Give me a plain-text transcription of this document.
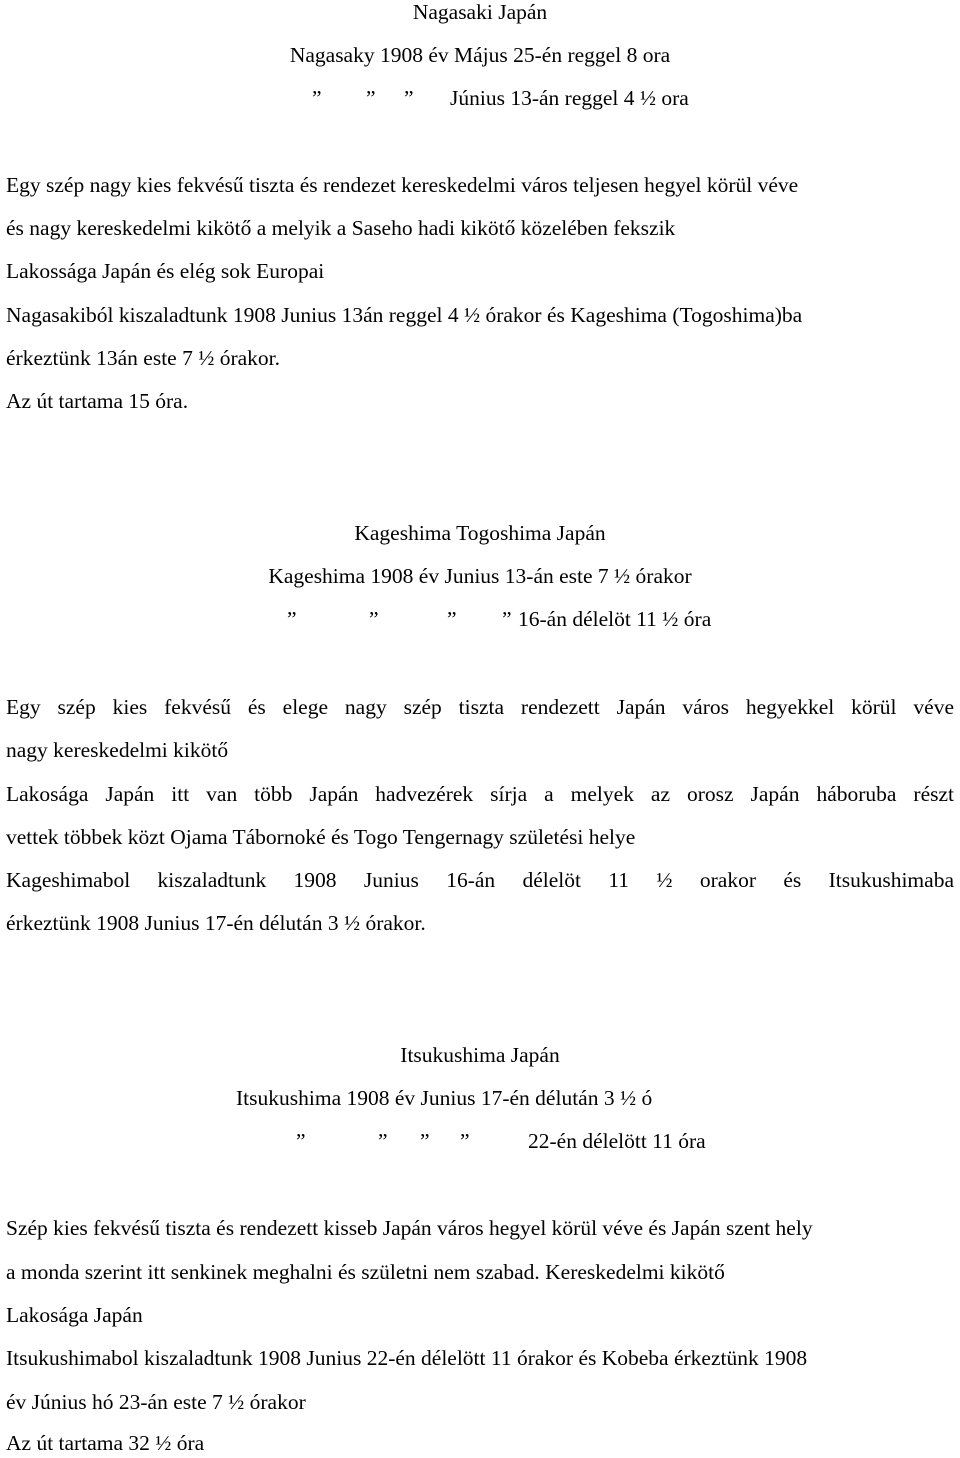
Nagasaki Japán
Nagasaky 1908 év Május 25-én reggel 8 ora
” ” ” Június 13-án reggel 4 ½ ora
Egy szép nagy kies fekvésű tiszta és rendezet kereskedelmi város teljesen hegyel körül véve
és nagy kereskedelmi kikötő a melyik a Saseho hadi kikötő közelében fekszik
Lakossága Japán és elég sok Europai
Nagasakiból kiszaladtunk 1908 Junius 13án reggel 4 ½ órakor és Kageshima (Togoshima)ba
érkeztünk 13án este 7 ½ órakor.
Az út tartama 15 óra.
Kageshima Togoshima Japán
Kageshima 1908 év Junius 13-án este 7 ½ órakor
”	”	” ” 16-án délelöt 11 ½ óra
Egy szép kies fekvésű és elege nagy szép tiszta rendezett Japán város hegyekkel körül véve
nagy kereskedelmi kikötő
Lakosága Japán itt van több Japán hadvezérek sírja a melyek az orosz Japán háboruba részt
vettek többek közt Ojama Tábornoké és Togo Tengernagy születési helye
Kageshimabol kiszaladtunk 1908 Junius 16-án délelöt 11 ½ orakor és Itsukushimaba
érkeztünk 1908 Junius 17-én délután 3 ½ órakor.
Itsukushima Japán
Itsukushima 1908 év Junius 17-én délután 3 ½ ó
”	” ” ”	22-én délelött 11 óra
Szép kies fekvésű tiszta és rendezett kisseb Japán város hegyel körül véve és Japán szent hely
a monda szerint itt senkinek meghalni és születni nem szabad. Kereskedelmi kikötő
Lakosága Japán
Itsukushimabol kiszaladtunk 1908 Junius 22-én délelött 11 órakor és Kobeba érkeztünk 1908
év Június hó 23-án este 7 ½ órakor
Az út tartama 32 ½ óra
